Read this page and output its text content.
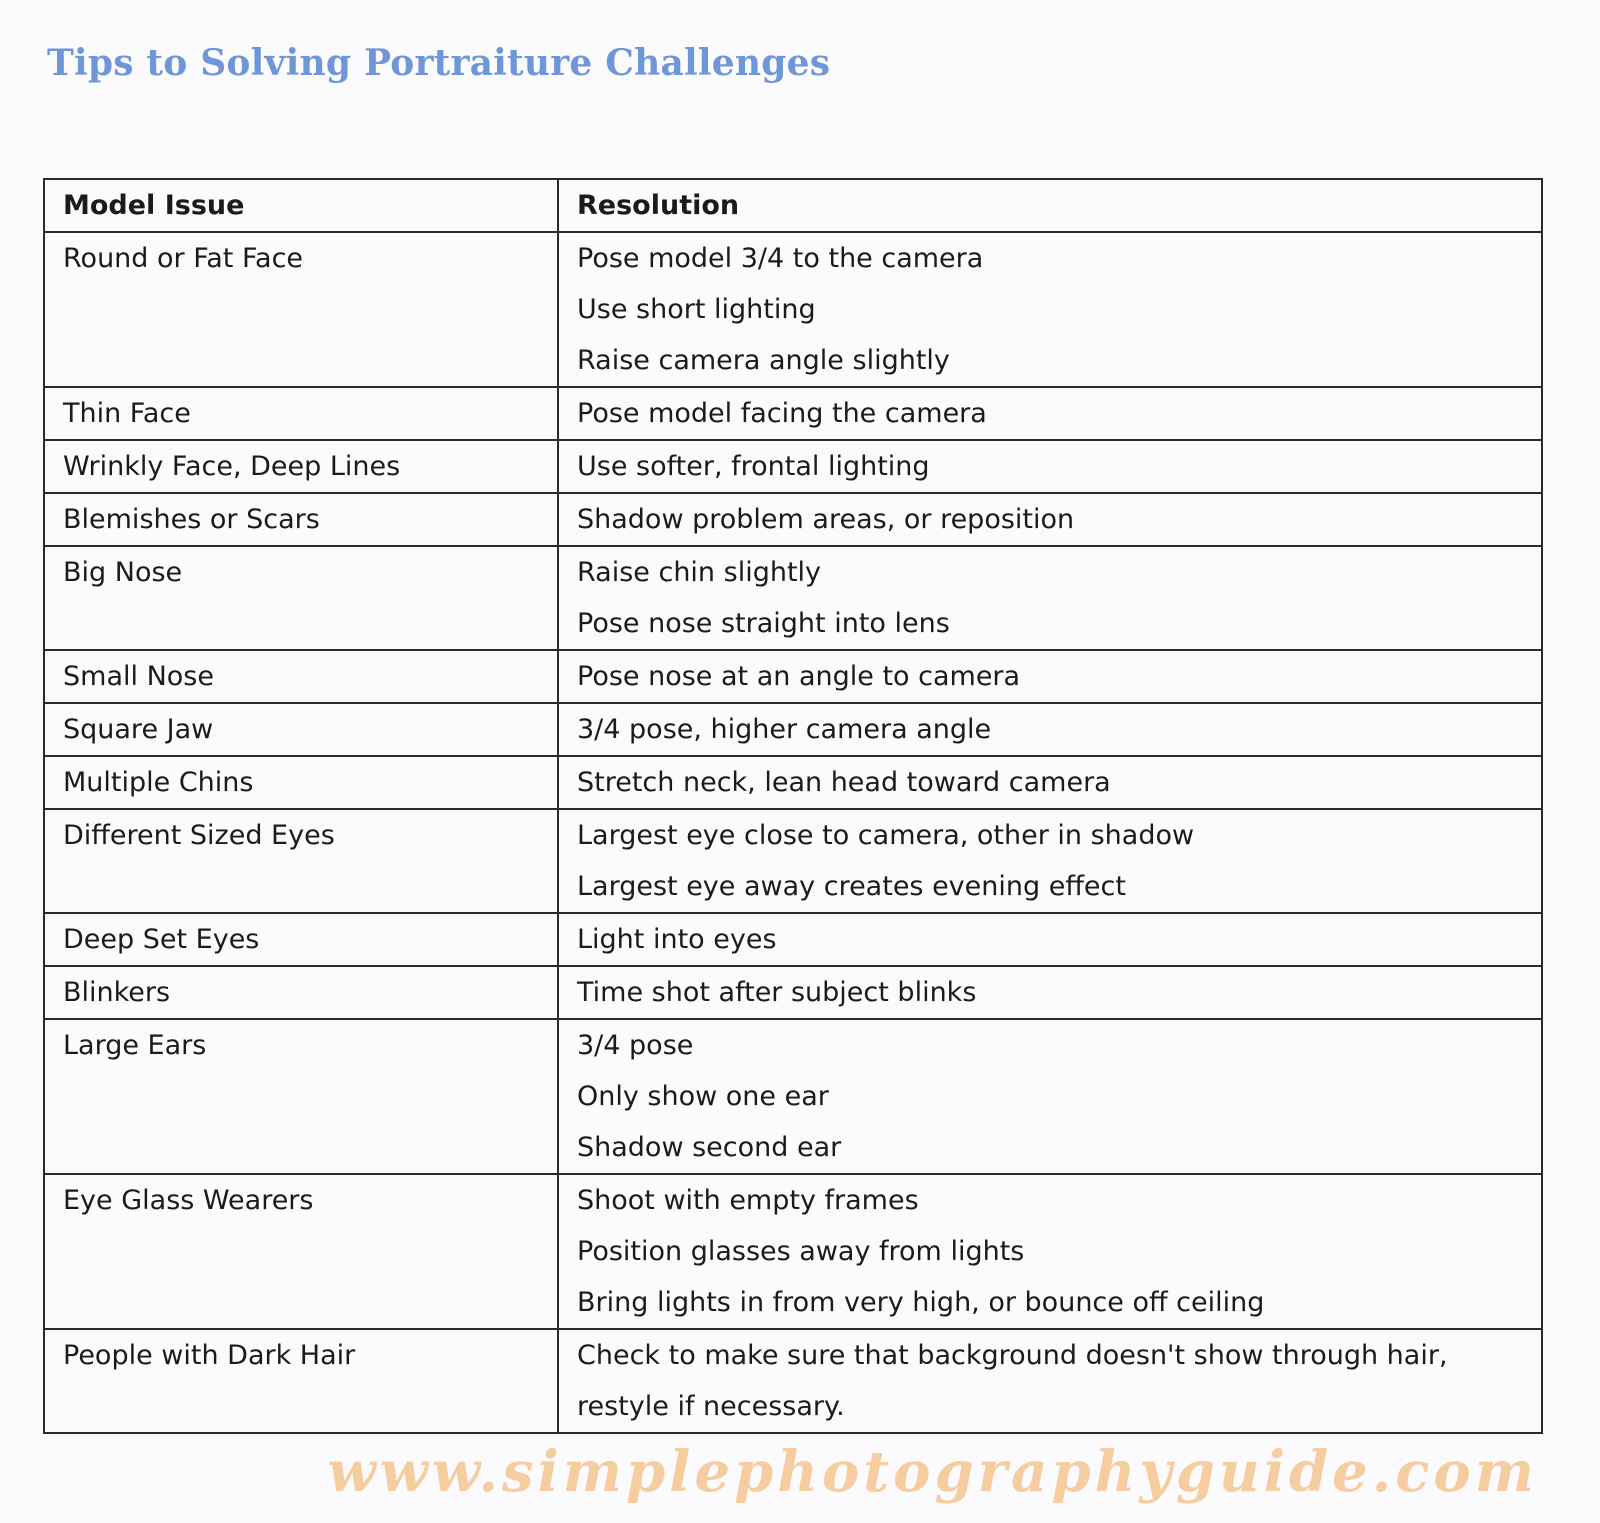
Tips to Solving Portraiture Challenges
Model Issue	Resolution
Round or Fat Face	Pose model 3/4 to the camera
Use short lighting
Raise camera angle slightly

Thin Face	Pose model facing the camera

Wrinkly Face, Deep Lines	Use softer, frontal lighting

Blemishes or Scars	Shadow problem areas, or reposition

Big Nose	Raise chin slightly
Pose nose straight into lens

Small Nose	Pose nose at an angle to camera

Square Jaw	3/4 pose, higher camera angle

Multiple Chins	Stretch neck, lean head toward camera

Different Sized Eyes	Largest eye close to camera, other in shadow
Largest eye away creates evening effect

Deep Set Eyes	Light into eyes

Blinkers	Time shot after subject blinks

Large Ears	3/4 pose
Only show one ear
Shadow second ear

Eye Glass Wearers	Shoot with empty frames
Position glasses away from lights
Bring lights in from very high, or bounce off ceiling

People with Dark Hair	Check to make sure that background doesn't show through hair, restyle if necessary.
www.simplephotographyguide.com
